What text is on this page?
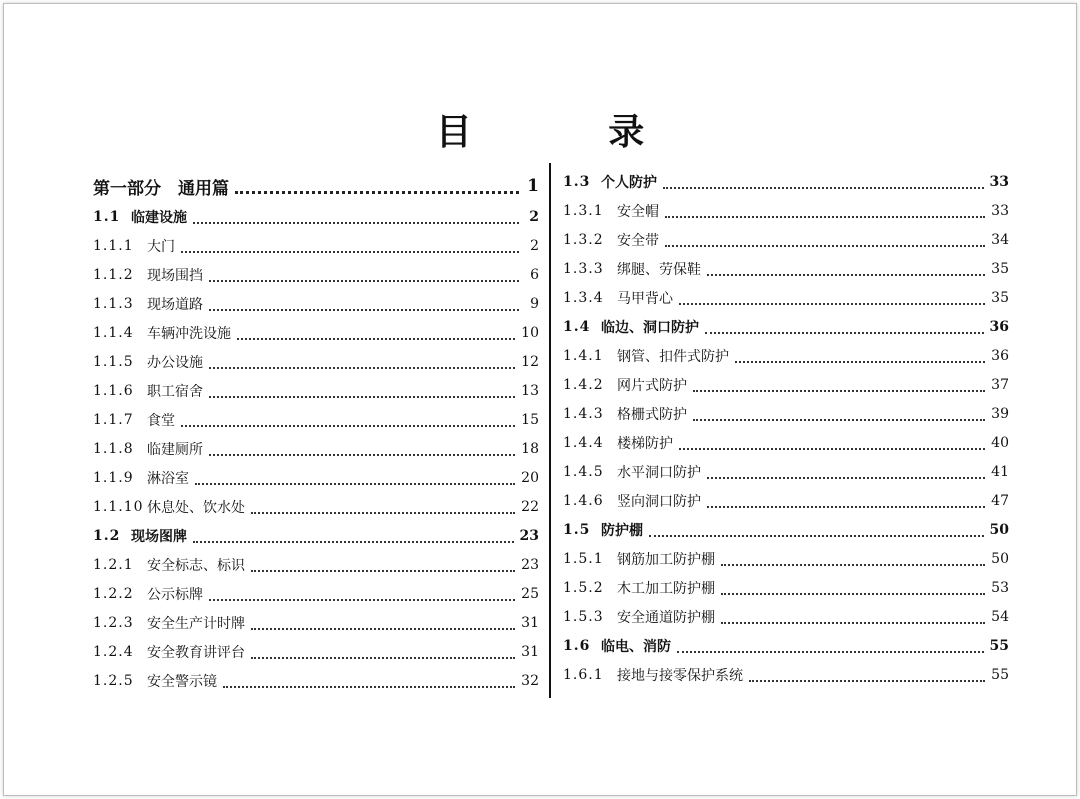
目 录
第一部分　通用篇	1
1.1 临建设施	2
1.1.1 大门	2
1.1.2 现场围挡	6
1.1.3 现场道路	9
1.1.4 车辆冲洗设施	10
1.1.5 办公设施	12
1.1.6 职工宿舍	13
1.1.7 食堂	15
1.1.8 临建厕所	18
1.1.9 淋浴室	20
1.1.10 休息处、饮水处	22
1.2 现场图牌	23
1.2.1 安全标志、标识	23
1.2.2 公示标牌	25
1.2.3 安全生产计时牌	31
1.2.4 安全教育讲评台	31
1.2.5 安全警示镜	32
1.3 个人防护	33
1.3.1 安全帽	33
1.3.2 安全带	34
1.3.3 绑腿、劳保鞋	35
1.3.4 马甲背心	35
1.4 临边、洞口防护	36
1.4.1 钢管、扣件式防护	36
1.4.2 网片式防护	37
1.4.3 格栅式防护	39
1.4.4 楼梯防护	40
1.4.5 水平洞口防护	41
1.4.6 竖向洞口防护	47
1.5 防护棚	50
1.5.1 钢筋加工防护棚	50
1.5.2 木工加工防护棚	53
1.5.3 安全通道防护棚	54
1.6 临电、消防	55
1.6.1 接地与接零保护系统	55
